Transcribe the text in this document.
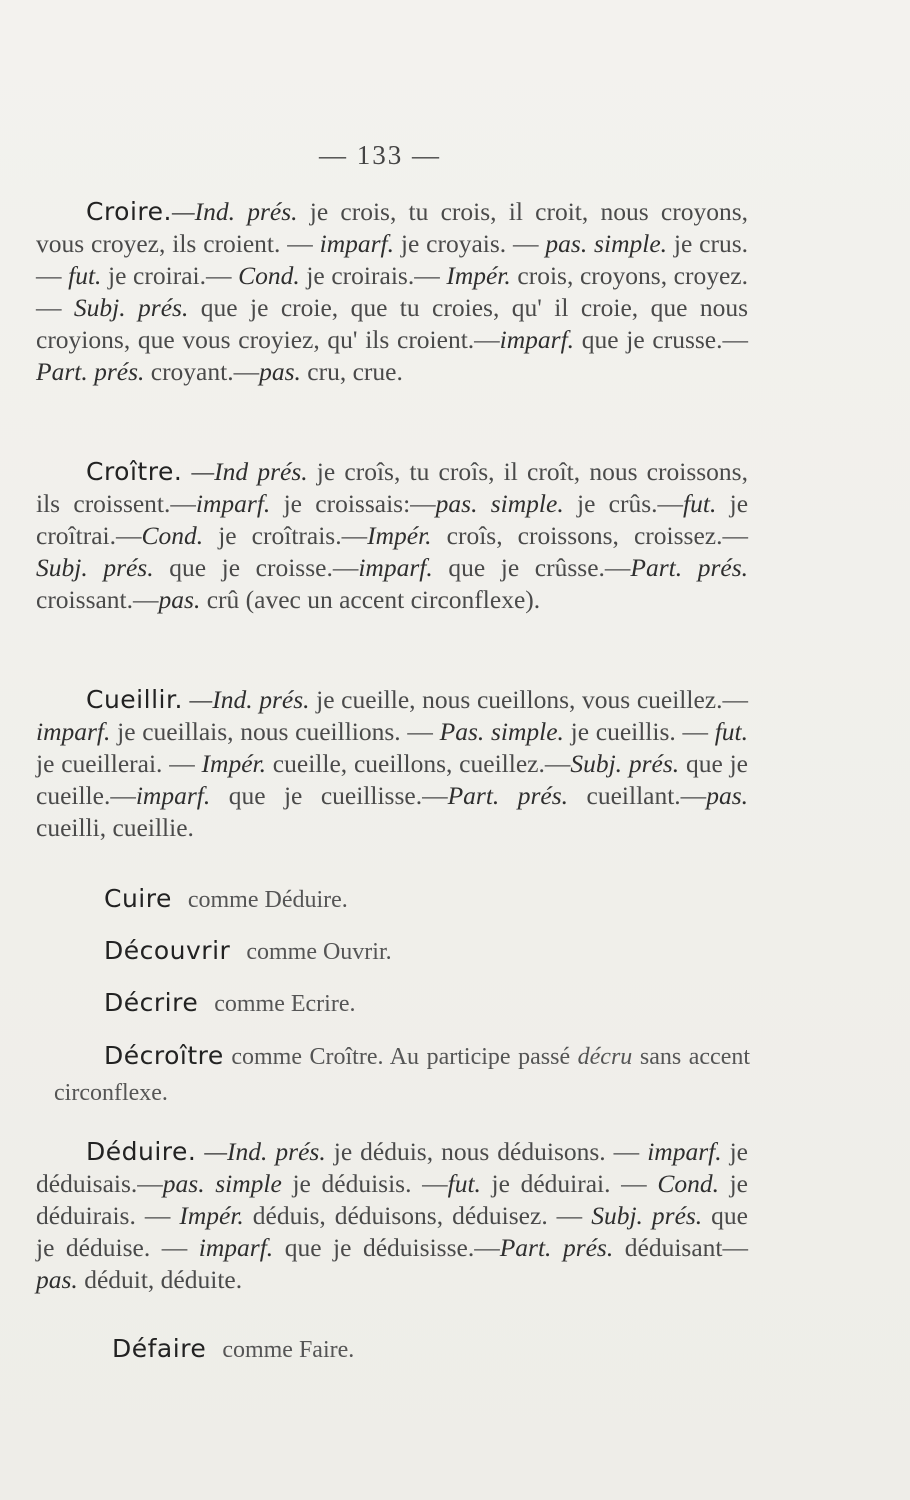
— 133 —

Croire.—Ind. prés. je crois, tu crois, il croit, nous croyons, vous croyez, ils croient. — imparf. je croyais. — pas. simple. je crus. — fut. je croirai.— Cond. je croirais.— Impér. crois, croyons, croyez. — Subj. prés. que je croie, que tu croies, qu' il croie, que nous croyions, que vous croyiez, qu' ils croient.—imparf. que je crusse.—Part. prés. croyant.—pas. cru, crue.

Croître. —Ind prés. je croîs, tu croîs, il croît, nous croissons, ils croissent.—imparf. je croissais:—pas. simple. je crûs.—fut. je croîtrai.—Cond. je croîtrais.—Impér. croîs, croissons, croissez.—Subj. prés. que je croisse.—imparf. que je crûsse.—Part. prés. croissant.—pas. crû (avec un accent circonflexe).

Cueillir. —Ind. prés. je cueille, nous cueillons, vous cueillez.—imparf. je cueillais, nous cueillions. — Pas. simple. je cueillis. — fut. je cueillerai. — Impér. cueille, cueillons, cueillez.—Subj. prés. que je cueille.—imparf. que je cueillisse.—Part. prés. cueillant.—pas. cueilli, cueillie.

Cuire comme Déduire.
Découvrir comme Ouvrir.
Décrire comme Ecrire.

Décroître comme Croître. Au participe passé décru sans accent circonflexe.

Déduire. —Ind. prés. je déduis, nous déduisons. — imparf. je déduisais.—pas. simple je déduisis. —fut. je déduirai. — Cond. je déduirais. — Impér. déduis, déduisons, déduisez. — Subj. prés. que je déduise. — imparf. que je déduisisse.—Part. prés. déduisant—pas. déduit, déduite.

Défaire comme Faire.
